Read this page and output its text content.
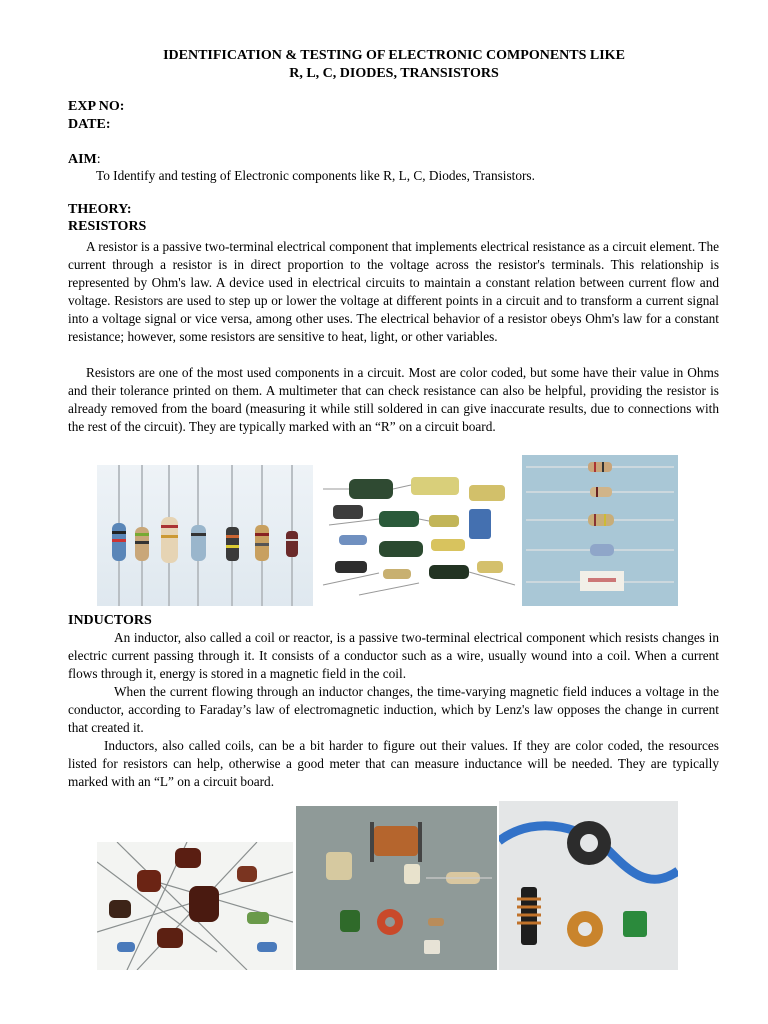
IDENTIFICATION & TESTING OF ELECTRONIC COMPONENTS LIKE
R, L, C, DIODES, TRANSISTORS
EXP NO:
DATE:
AIM:

To Identify and testing of Electronic components like R, L, C, Diodes, Transistors.

THEORY:
RESISTORS

A resistor is a passive two-terminal electrical component that implements electrical resistance as a circuit element. The current through a resistor is in direct proportion to the voltage across the resistor's terminals. This relationship is represented by Ohm's law. A device used in electrical circuits to maintain a constant relation between current flow and voltage. Resistors are used to step up or lower the voltage at different points in a circuit and to transform a current signal into a voltage signal or vice versa, among other uses. The electrical behavior of a resistor obeys Ohm's law for a constant resistance; however, some resistors are sensitive to heat, light, or other variables.

Resistors are one of the most used components in a circuit. Most are color coded, but some have their value in Ohms and their tolerance printed on them. A multimeter that can check resistance can also be helpful, providing the resistor is already removed from the board (measuring it while still soldered in can give inaccurate results, due to connections with the rest of the circuit). They are typically marked with an “R” on a circuit board.

INDUCTORS

An inductor, also called a coil or reactor, is a passive two-terminal electrical component which resists changes in electric current passing through it. It consists of a conductor such as a wire, usually wound into a coil. When a current flows through it, energy is stored in a magnetic field in the coil.

When the current flowing through an inductor changes, the time-varying magnetic field induces a voltage in the conductor, according to Faraday’s law of electromagnetic induction, which by Lenz's law opposes the change in current that created it.

Inductors, also called coils, can be a bit harder to figure out their values. If they are color coded, the resources listed for resistors can help, otherwise a good meter that can measure inductance will be needed. They are typically marked with an “L” on a circuit board.
